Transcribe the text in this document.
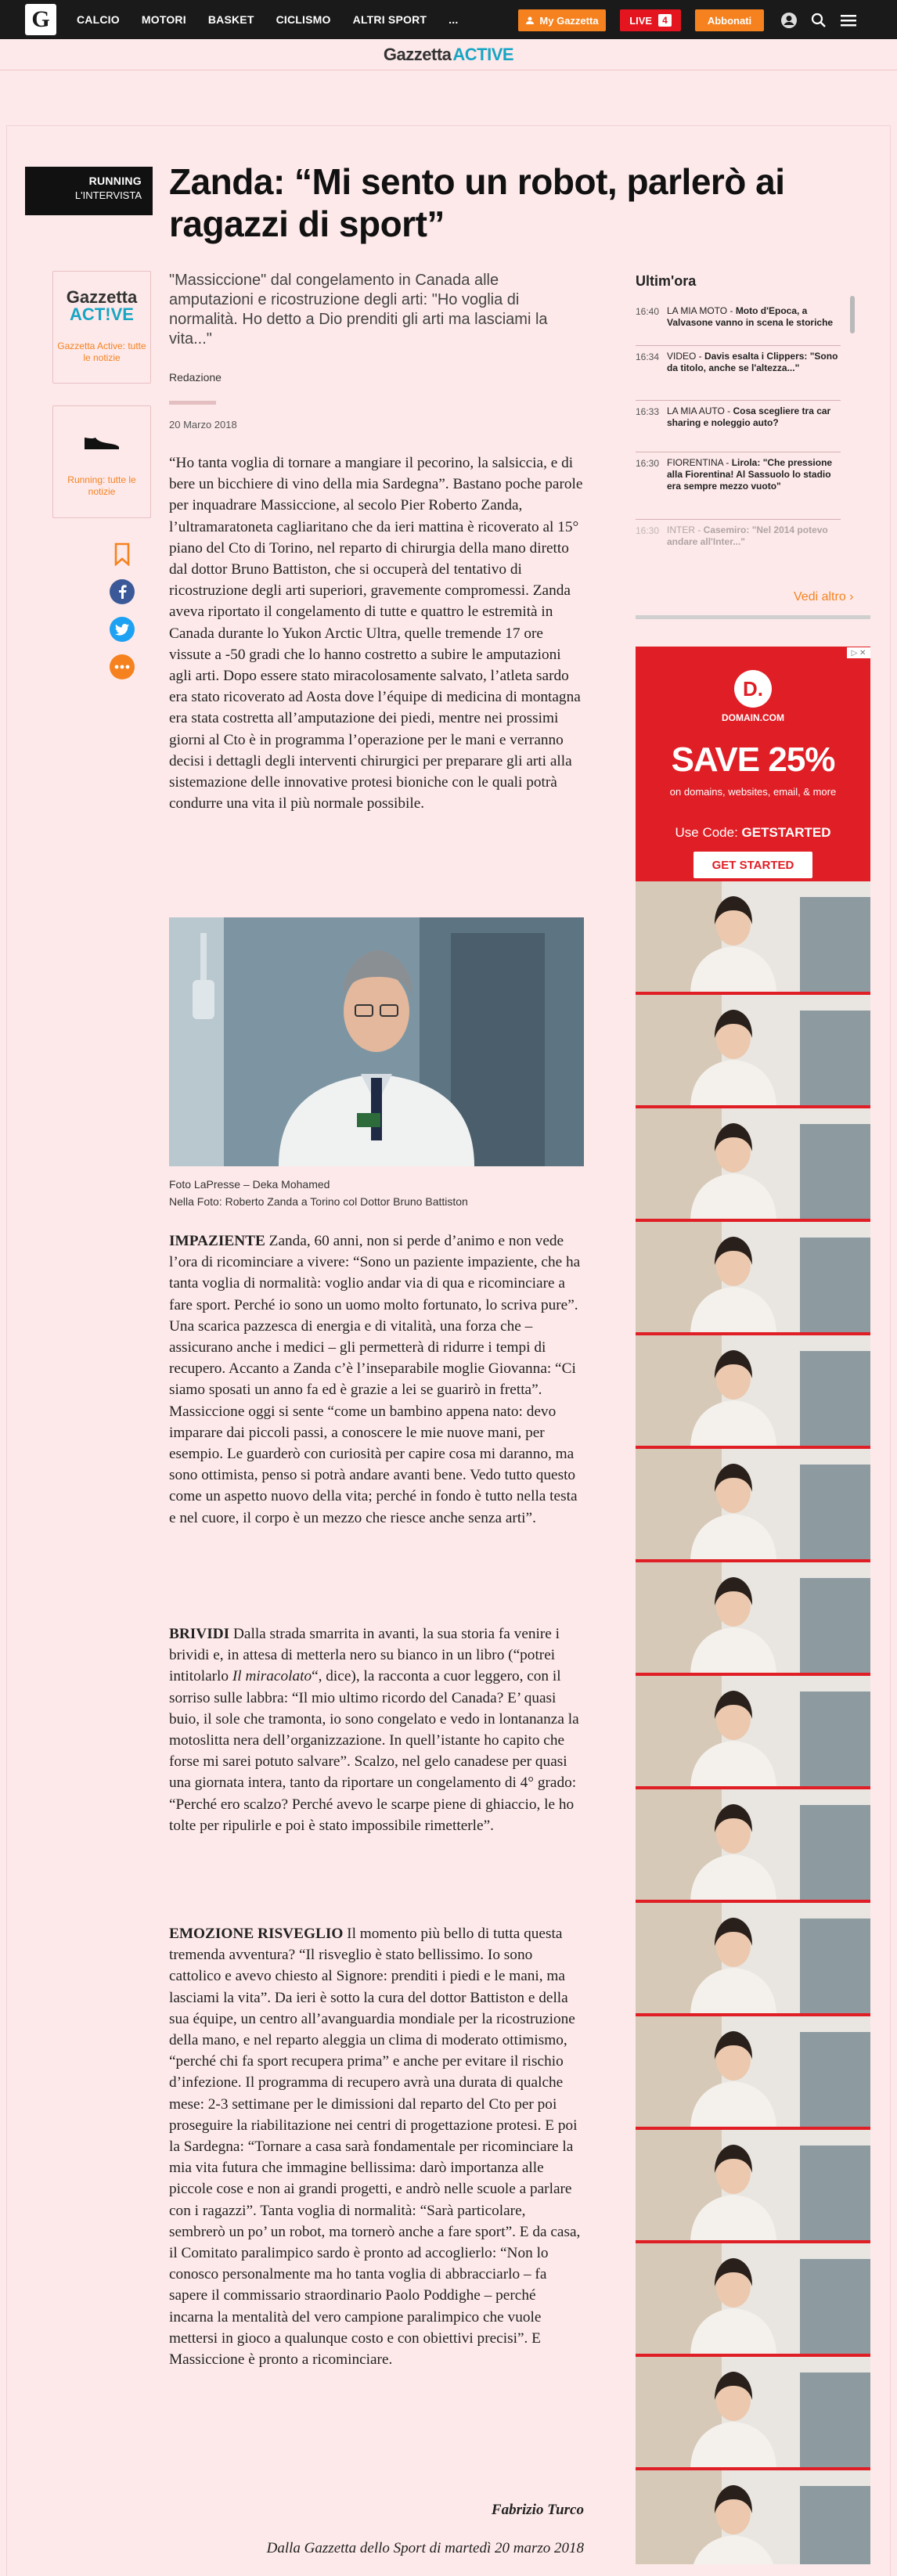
G	CALCIO MOTORI BASKET CICLISMO ALTRI SPORT ...	My Gazzetta	LIVE	4	Abbonati
GazzettaACTIVE
RUNNING
L'INTERVISTA Zanda: “Mi sento un robot, parlerò ai ragazzi di sport”
Gazzetta
ACT!VE
Gazzetta Active: tutte le notizie
Running: tutte le notizie
"Massiccione" dal congelamento in Canada alle amputazioni e ricostruzione degli arti: "Ho voglia di normalità. Ho detto a Dio prenditi gli arti ma lasciami la vita..."
Redazione
20 Marzo 2018

“Ho tanta voglia di tornare a mangiare il pecorino, la salsiccia, e di bere un bicchiere di vino della mia Sardegna”. Bastano poche parole per inquadrare Massiccione, al secolo Pier Roberto Zanda, l’ultramaratoneta cagliaritano che da ieri mattina è ricoverato al 15° piano del Cto di Torino, nel reparto di chirurgia della mano diretto dal dottor Bruno Battiston, che si occuperà del tentativo di ricostruzione degli arti superiori, gravemente compromessi. Zanda aveva riportato il congelamento di tutte e quattro le estremità in Canada durante lo Yukon Arctic Ultra, quelle tremende 17 ore vissute a -50 gradi che lo hanno costretto a subire le amputazioni agli arti. Dopo essere stato miracolosamente salvato, l’atleta sardo era stato ricoverato ad Aosta dove l’équipe di medicina di montagna era stata costretta all’amputazione dei piedi, mentre nei prossimi giorni al Cto è in programma l’operazione per le mani e verranno decisi i dettagli degli interventi chirurgici per preparare gli arti alla sistemazione delle innovative protesi bioniche con le quali potrà condurre una vita il più normale possibile.

Foto LaPresse – Deka Mohamed
Nella Foto: Roberto Zanda a Torino col Dottor Bruno Battiston

IMPAZIENTE Zanda, 60 anni, non si perde d’animo e non vede l’ora di ricominciare a vivere: “Sono un paziente impaziente, che ha tanta voglia di normalità: voglio andar via di qua e ricominciare a fare sport. Perché io sono un uomo molto fortunato, lo scriva pure”. Una scarica pazzesca di energia e di vitalità, una forza che – assicurano anche i medici – gli permetterà di ridurre i tempi di recupero. Accanto a Zanda c’è l’inseparabile moglie Giovanna: “Ci siamo sposati un anno fa ed è grazie a lei se guarirò in fretta”. Massiccione oggi si sente “come un bambino appena nato: devo imparare dai piccoli passi, a conoscere le mie nuove mani, per esempio. Le guarderò con curiosità per capire cosa mi daranno, ma sono ottimista, penso si potrà andare avanti bene. Vedo tutto questo come un aspetto nuovo della vita; perché in fondo è tutto nella testa e nel cuore, il corpo è un mezzo che riesce anche senza arti”.

BRIVIDI Dalla strada smarrita in avanti, la sua storia fa venire i brividi e, in attesa di metterla nero su bianco in un libro (“potrei intitolarlo Il miracolato“, dice), la racconta a cuor leggero, con il sorriso sulle labbra: “Il mio ultimo ricordo del Canada? E’ quasi buio, il sole che tramonta, io sono congelato e vedo in lontananza la motoslitta nera dell’organizzazione. In quell’istante ho capito che forse mi sarei potuto salvare”. Scalzo, nel gelo canadese per quasi una giornata intera, tanto da riportare un congelamento di 4° grado: “Perché ero scalzo? Perché avevo le scarpe piene di ghiaccio, le ho tolte per ripulirle e poi è stato impossibile rimetterle”.

EMOZIONE RISVEGLIO Il momento più bello di tutta questa tremenda avventura? “Il risveglio è stato bellissimo. Io sono cattolico e avevo chiesto al Signore: prenditi i piedi e le mani, ma lasciami la vita”. Da ieri è sotto la cura del dottor Battiston e della sua équipe, un centro all’avanguardia mondiale per la ricostruzione della mano, e nel reparto aleggia un clima di moderato ottimismo, “perché chi fa sport recupera prima” e anche per evitare il rischio d’infezione. Il programma di recupero avrà una durata di qualche mese: 2-3 settimane per le dimissioni dal reparto del Cto per poi proseguire la riabilitazione nei centri di progettazione protesi. E poi la Sardegna: “Tornare a casa sarà fondamentale per ricominciare la mia vita futura che immagine bellissima: darò importanza alle piccole cose e non ai grandi progetti, e andrò nelle scuole a parlare con i ragazzi”. Tanta voglia di normalità: “Sarà particolare, sembrerò un po’ un robot, ma tornerò anche a fare sport”. E da casa, il Comitato paralimpico sardo è pronto ad accoglierlo: “Non lo conosco personalmente ma ho tanta voglia di abbracciarlo – fa sapere il commissario straordinario Paolo Poddighe – perché incarna la mentalità del vero campione paralimpico che vuole mettersi in gioco a qualunque costo e con obiettivi precisi”. E Massiccione è pronto a ricominciare.

Fabrizio Turco
Dalla Gazzetta dello Sport di martedì 20 marzo 2018
Ultim'ora
16:40 LA MIA MOTO - Moto d'Epoca, a Valvasone vanno in scena le storiche
16:34 VIDEO - Davis esalta i Clippers: "Sono da titolo, anche se l'altezza..."
16:33 LA MIA AUTO - Cosa scegliere tra car sharing e noleggio auto?
16:30 FIORENTINA - Lirola: "Che pressione alla Fiorentina! Al Sassuolo lo stadio era sempre mezzo vuoto"
16:30 INTER - Casemiro: "Nel 2014 potevo andare all'Inter..."
Vedi altro ›
D.
DOMAIN.COM
SAVE 25%
on domains, websites, email, & more
Use Code: GETSTARTED
GET STARTED
▷ ✕
